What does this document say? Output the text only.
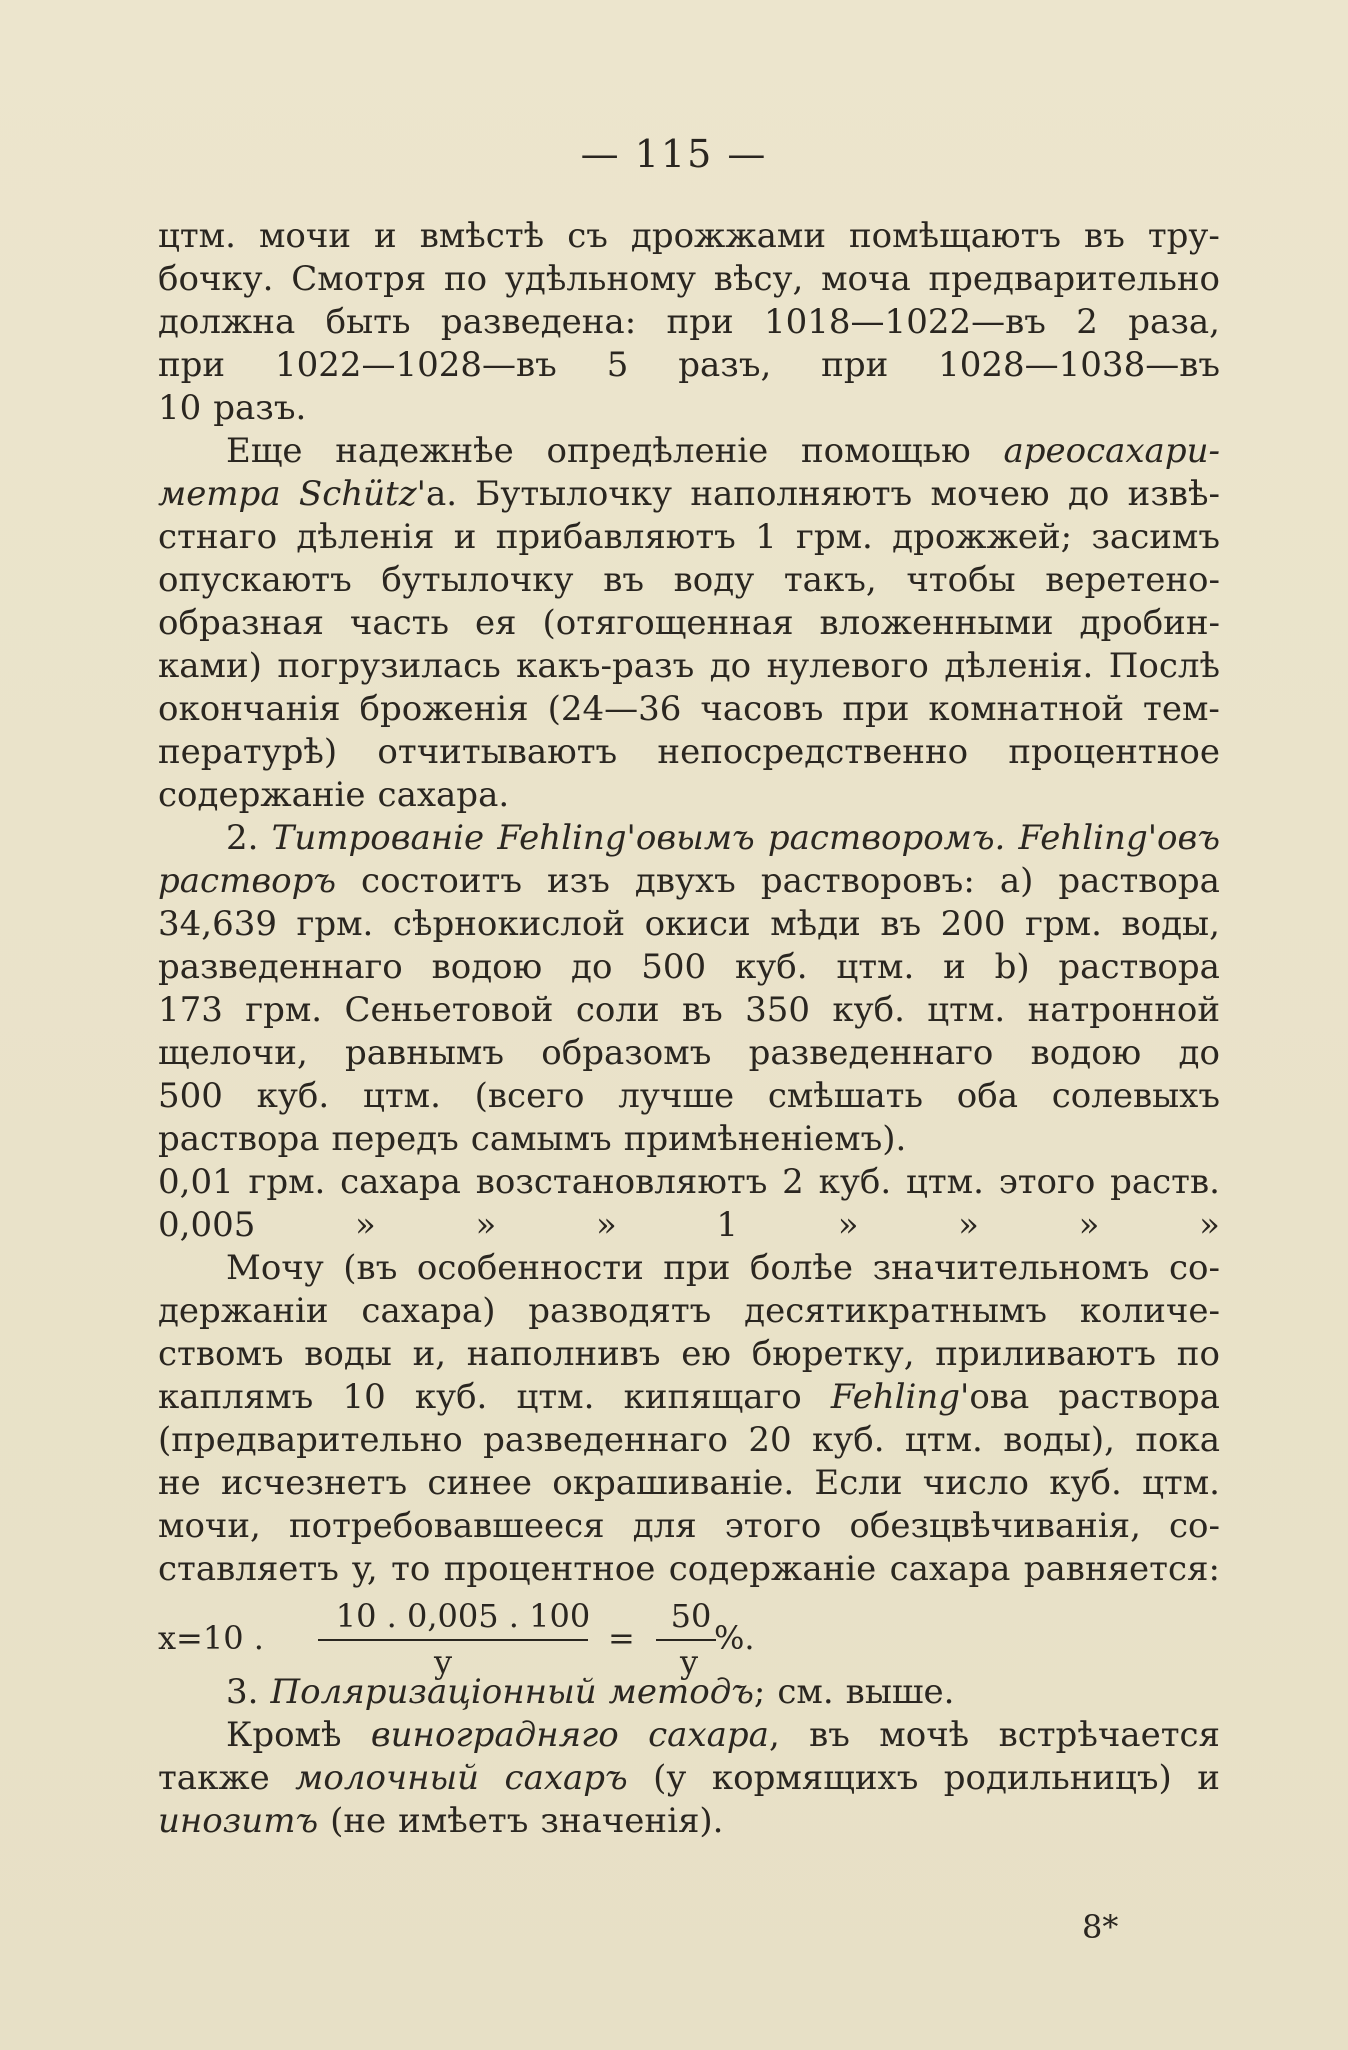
— 115 —
цтм. мочи и вмѣстѣ съ дрожжами помѣщаютъ въ тру-
бочку. Смотря по удѣльному вѣсу, моча предварительно
должна быть разведена: при 1018—1022—въ 2 раза,
при 1022—1028—въ 5 разъ, при 1028—1038—въ
10 разъ.
Еще надежнѣе опредѣленіе помощью ареосахари-
метра Schütz'а. Бутылочку наполняютъ мочею до извѣ-
стнаго дѣленія и прибавляютъ 1 грм. дрожжей; засимъ
опускаютъ бутылочку въ воду такъ, чтобы веретено-
образная часть ея (отягощенная вложенными дробин-
ками) погрузилась какъ-разъ до нулевого дѣленія. Послѣ
окончанія броженія (24—36 часовъ при комнатной тем-
пературѣ) отчитываютъ непосредственно процентное
содержаніе сахара.
2. Титрованіе Fehling'овымъ растворомъ. Fehling'овъ
растворъ состоитъ изъ двухъ растворовъ: a) раствора
34,639 грм. сѣрнокислой окиси мѣди въ 200 грм. воды,
разведеннаго водою до 500 куб. цтм. и b) раствора
173 грм. Сеньетовой соли въ 350 куб. цтм. натронной
щелочи, равнымъ образомъ разведеннаго водою до
500 куб. цтм. (всего лучше смѣшать оба солевыхъ
раствора передъ самымъ примѣненіемъ).
0,01 грм. сахара возстановляютъ 2 куб. цтм. этого раств.
0,005	»	»	»	1	»	»	»	»
Мочу (въ особенности при болѣе значительномъ со-
держаніи сахара) разводятъ десятикратнымъ количе-
ствомъ воды и, наполнивъ ею бюретку, приливаютъ по
каплямъ 10 куб. цтм. кипящаго Fehling'ова раствора
(предварительно разведеннаго 20 куб. цтм. воды), пока
не исчезнетъ синее окрашиваніе. Если число куб. цтм.
мочи, потребовавшееся для этого обезцвѣчиванія, со-
ставляетъ y, то процентное содержаніе сахара равняется:
x=10 .
10 . 0,005 . 100
y
=
50
y
%.
3. Поляризаціонный методъ; см. выше.
Кромѣ виноградняго сахара, въ мочѣ встрѣчается
также молочный сахаръ (у кормящихъ родильницъ) и
инозитъ (не имѣетъ значенія).
8*
